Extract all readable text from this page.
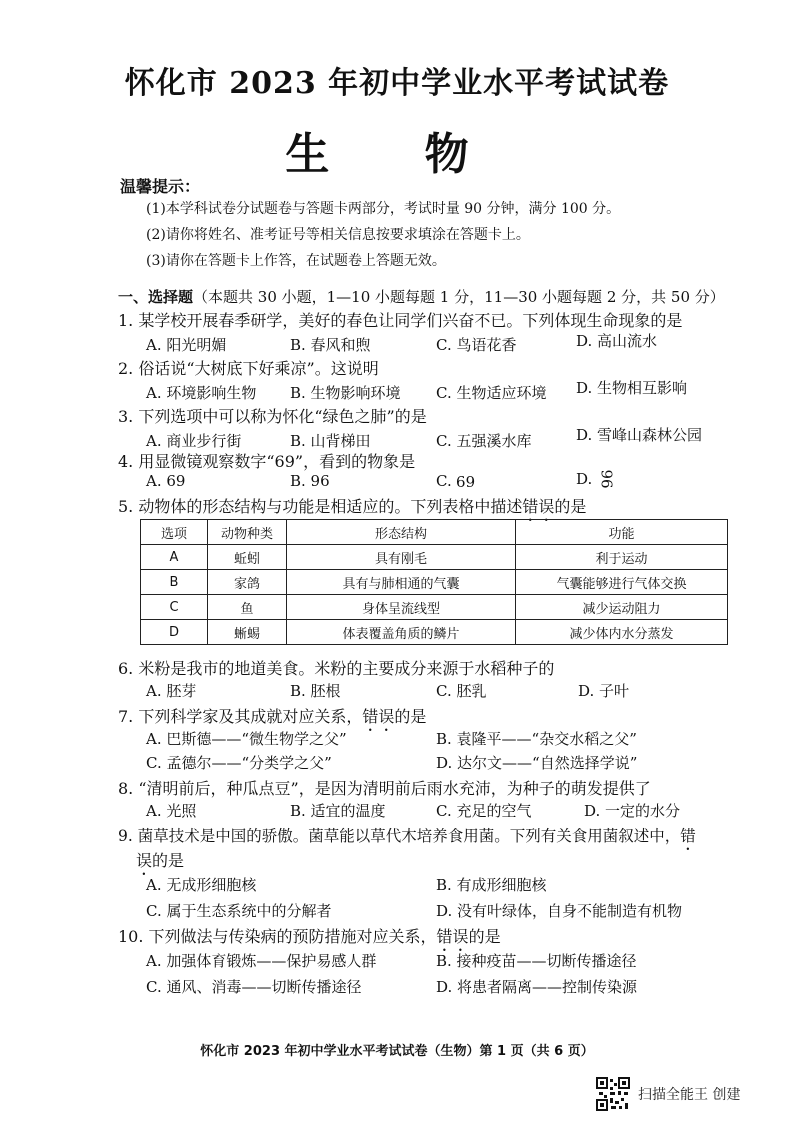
怀化市 2023 年初中学业水平考试试卷
生 物
温馨提示：
(1)本学科试卷分试题卷与答题卡两部分，考试时量 90 分钟，满分 100 分。
(2)请你将姓名、准考证号等相关信息按要求填涂在答题卡上。
(3)请你在答题卡上作答，在试题卷上答题无效。
一、选择题（本题共 30 小题，1—10 小题每题 1 分，11—30 小题每题 2 分，共 50 分）
1. 某学校开展春季研学，美好的春色让同学们兴奋不已。下列体现生命现象的是
A. 阳光明媚	B. 春风和煦	C. 鸟语花香	D. 高山流水
2. 俗话说“大树底下好乘凉”。这说明
A. 环境影响生物 B. 生物影响环境 C. 生物适应环境 D. 生物相互影响
3. 下列选项中可以称为怀化“绿色之肺”的是
A. 商业步行街	B. 山背梯田	C. 五强溪水库	D. 雪峰山森林公园
4. 用显微镜观察数字“69”，看到的物象是
A. 69	B. 96	C. 69	D. 96
5. 动物体的形态结构与功能是相适应的。下列表格中描述错误的是
选项	动物种类	形态结构	功能
A	蚯蚓	具有刚毛	利于运动
B	家鸽	具有与肺相通的气囊	气囊能够进行气体交换
C	鱼	身体呈流线型	减少运动阻力
D	蜥蜴	体表覆盖角质的鳞片	减少体内水分蒸发
6. 米粉是我市的地道美食。米粉的主要成分来源于水稻种子的
A. 胚芽	B. 胚根	C. 胚乳	D. 子叶
7. 下列科学家及其成就对应关系，错误的是
A. 巴斯德——“微生物学之父”	B. 袁隆平——“杂交水稻之父”
C. 孟德尔——“分类学之父”	D. 达尔文——“自然选择学说”
8. “清明前后，种瓜点豆”，是因为清明前后雨水充沛，为种子的萌发提供了
A. 光照	B. 适宜的温度	C. 充足的空气	D. 一定的水分
9. 菌草技术是中国的骄傲。菌草能以草代木培养食用菌。下列有关食用菌叙述中，错
误的是
A. 无成形细胞核	B. 有成形细胞核
C. 属于生态系统中的分解者	D. 没有叶绿体，自身不能制造有机物
10. 下列做法与传染病的预防措施对应关系，错误的是
A. 加强体育锻炼——保护易感人群	B. 接种疫苗——切断传播途径
C. 通风、消毒——切断传播途径	D. 将患者隔离——控制传染源
怀化市 2023 年初中学业水平考试试卷（生物）第 1 页（共 6 页）
扫描全能王 创建
